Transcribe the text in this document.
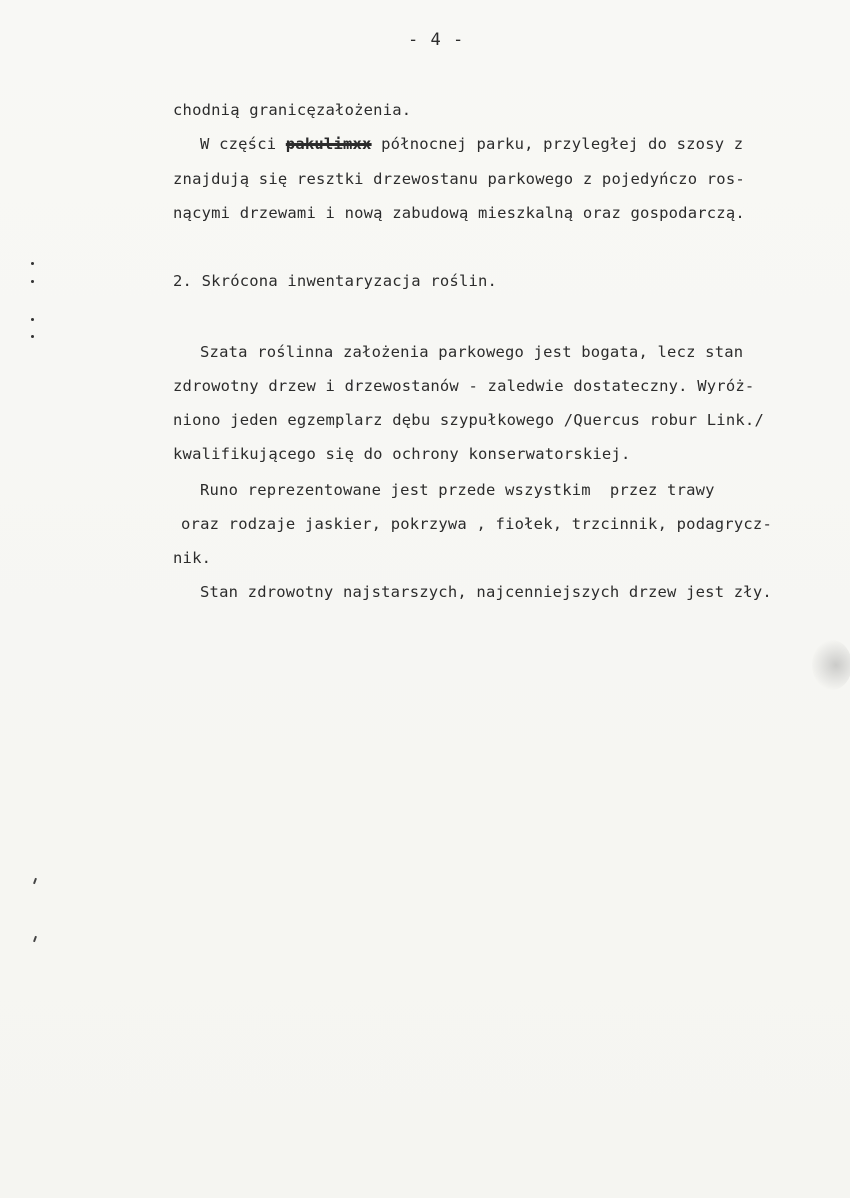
- 4 -
chodnią granicęzałożenia.
W części pakulimxx północnej parku, przyległej do szosy z
znajdują się resztki drzewostanu parkowego z pojedyńczo ros-
nącymi drzewami i nową zabudową mieszkalną oraz gospodarczą.
2. Skrócona inwentaryzacja roślin.
Szata roślinna założenia parkowego jest bogata, lecz stan
zdrowotny drzew i drzewostanów - zaledwie dostateczny. Wyróż-
niono jeden egzemplarz dębu szypułkowego /Quercus robur Link./
kwalifikującego się do ochrony konserwatorskiej.
Runo reprezentowane jest przede wszystkim  przez trawy
oraz rodzaje jaskier, pokrzywa , fiołek, trzcinnik, podagrycz-
nik.
Stan zdrowotny najstarszych, najcenniejszych drzew jest zły.
